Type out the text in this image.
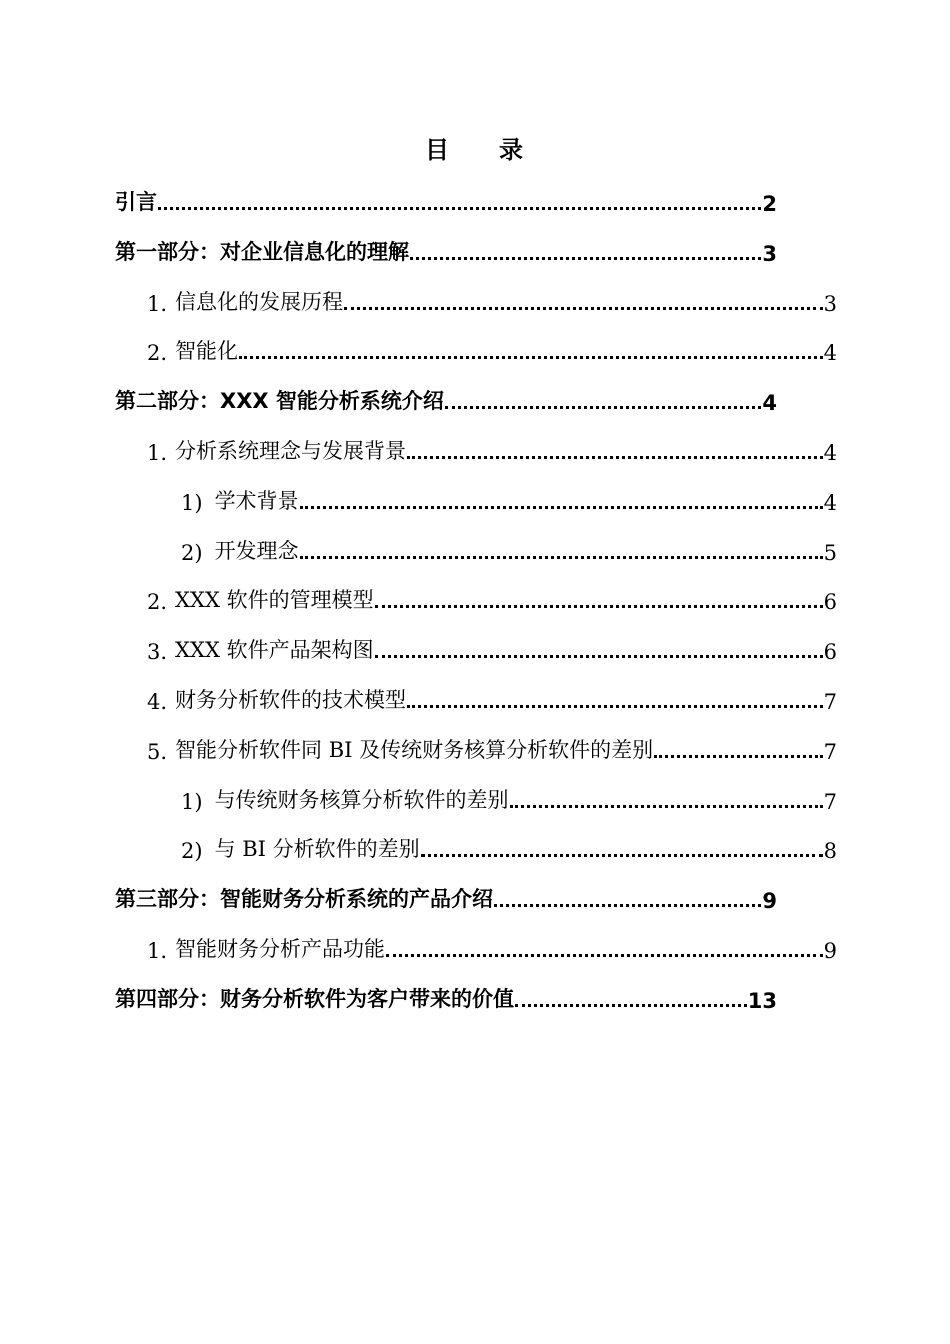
目 录
引言	2
第一部分：对企业信息化的理解	3
1. 信息化的发展历程	3
2. 智能化	4
第二部分：XXX 智能分析系统介绍	4
1. 分析系统理念与发展背景	4
1) 学术背景	4
2) 开发理念	5
2. XXX 软件的管理模型	6
3. XXX 软件产品架构图	6
4. 财务分析软件的技术模型	7
5. 智能分析软件同 BI 及传统财务核算分析软件的差别	7
1) 与传统财务核算分析软件的差别	7
2) 与 BI 分析软件的差别	8
第三部分：智能财务分析系统的产品介绍	9
1. 智能财务分析产品功能	9
第四部分：财务分析软件为客户带来的价值	13
